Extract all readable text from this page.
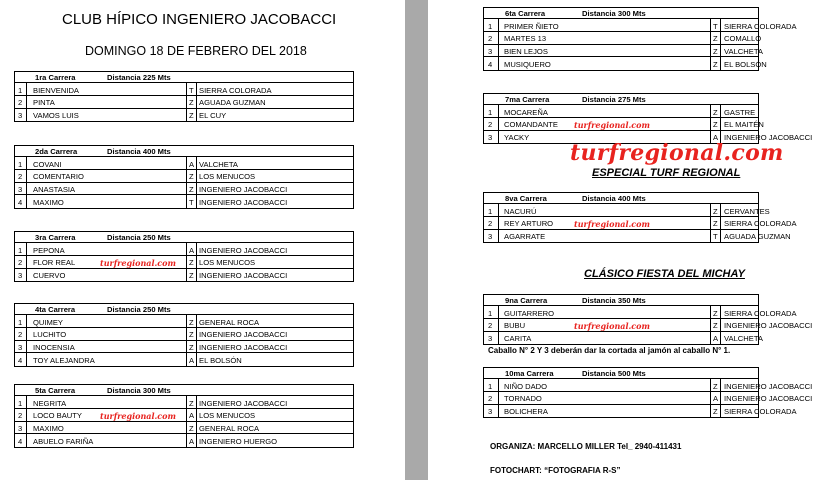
CLUB HÍPICO INGENIERO JACOBACCI
DOMINGO 18 DE FEBRERO DEL 2018
1ra Carrera	Distancia 225 Mts
1 BIENVENIDA	T SIERRA COLORADA
2 PINTA	Z AGUADA GUZMAN
3 VAMOS LUIS	Z EL CUY
2da Carrera	Distancia 400 Mts
1 COVANI	A VALCHETA
2 COMENTARIO	Z LOS MENUCOS
3 ANASTASIA	Z INGENIERO JACOBACCI
4 MAXIMO	T INGENIERO JACOBACCI
3ra Carrera	Distancia 250 Mts
1 PEPONA	A INGENIERO JACOBACCI
2 FLOR REAL	Z LOS MENUCOS
turfregional.com
3 CUERVO	Z INGENIERO JACOBACCI
4ta Carrera	Distancia 250 Mts
1 QUIMEY	Z GENERAL ROCA
2 LUCHITO	Z INGENIERO JACOBACCI
3 INOCENSIA	Z INGENIERO JACOBACCI
4 TOY ALEJANDRA	A EL BOLSÓN
5ta Carrera	Distancia 300 Mts
1 NEGRITA	Z INGENIERO JACOBACCI
2 LOCO BAUTY	A LOS MENUCOS
turfregional.com
3 MAXIMO	Z GENERAL ROCA
4 ABUELO FARIÑA	A INGENIERO HUERGO
6ta Carrera	Distancia 300 Mts
1 PRIMER ÑIETO	T SIERRA COLORADA
2 MARTES 13	Z COMALLO
3 BIEN LEJOS	Z VALCHETA
4 MUSIQUERO	Z EL BOLSÓN
7ma Carrera	Distancia 275 Mts
1 MOCAREÑA	Z GASTRE
2 COMANDANTE	Z EL MAITÉN
turfregional.com
3 YACKY	A INGENIERO JACOBACCI
8va Carrera	Distancia 400 Mts
1 NACURÚ	Z CERVANTES
2 REY ARTURO	Z SIERRA COLORADA
turfregional.com
3 AGARRATE	T AGUADA GUZMAN
9na Carrera	Distancia 350 Mts
1 GUITARRERO	Z SIERRA COLORADA
2 BUBU	Z INGENIERO JACOBACCI
turfregional.com
3 CARITA	A VALCHETA
10ma Carrera	Distancia 500 Mts
1 NIÑO DADO	Z INGENIERO JACOBACCI
2 TORNADO	A INGENIERO JACOBACCI
3 BOLICHERA	Z SIERRA COLORADA
turfregional.com
ESPECIAL TURF REGIONAL
CLÁSICO FIESTA DEL MICHAY
Caballo N° 2 Y 3 deberán dar la cortada al jamón al caballo N° 1.
ORGANIZA: MARCELLO MILLER Tel_ 2940-411431
FOTOCHART: “FOTOGRAFIA R-S”
